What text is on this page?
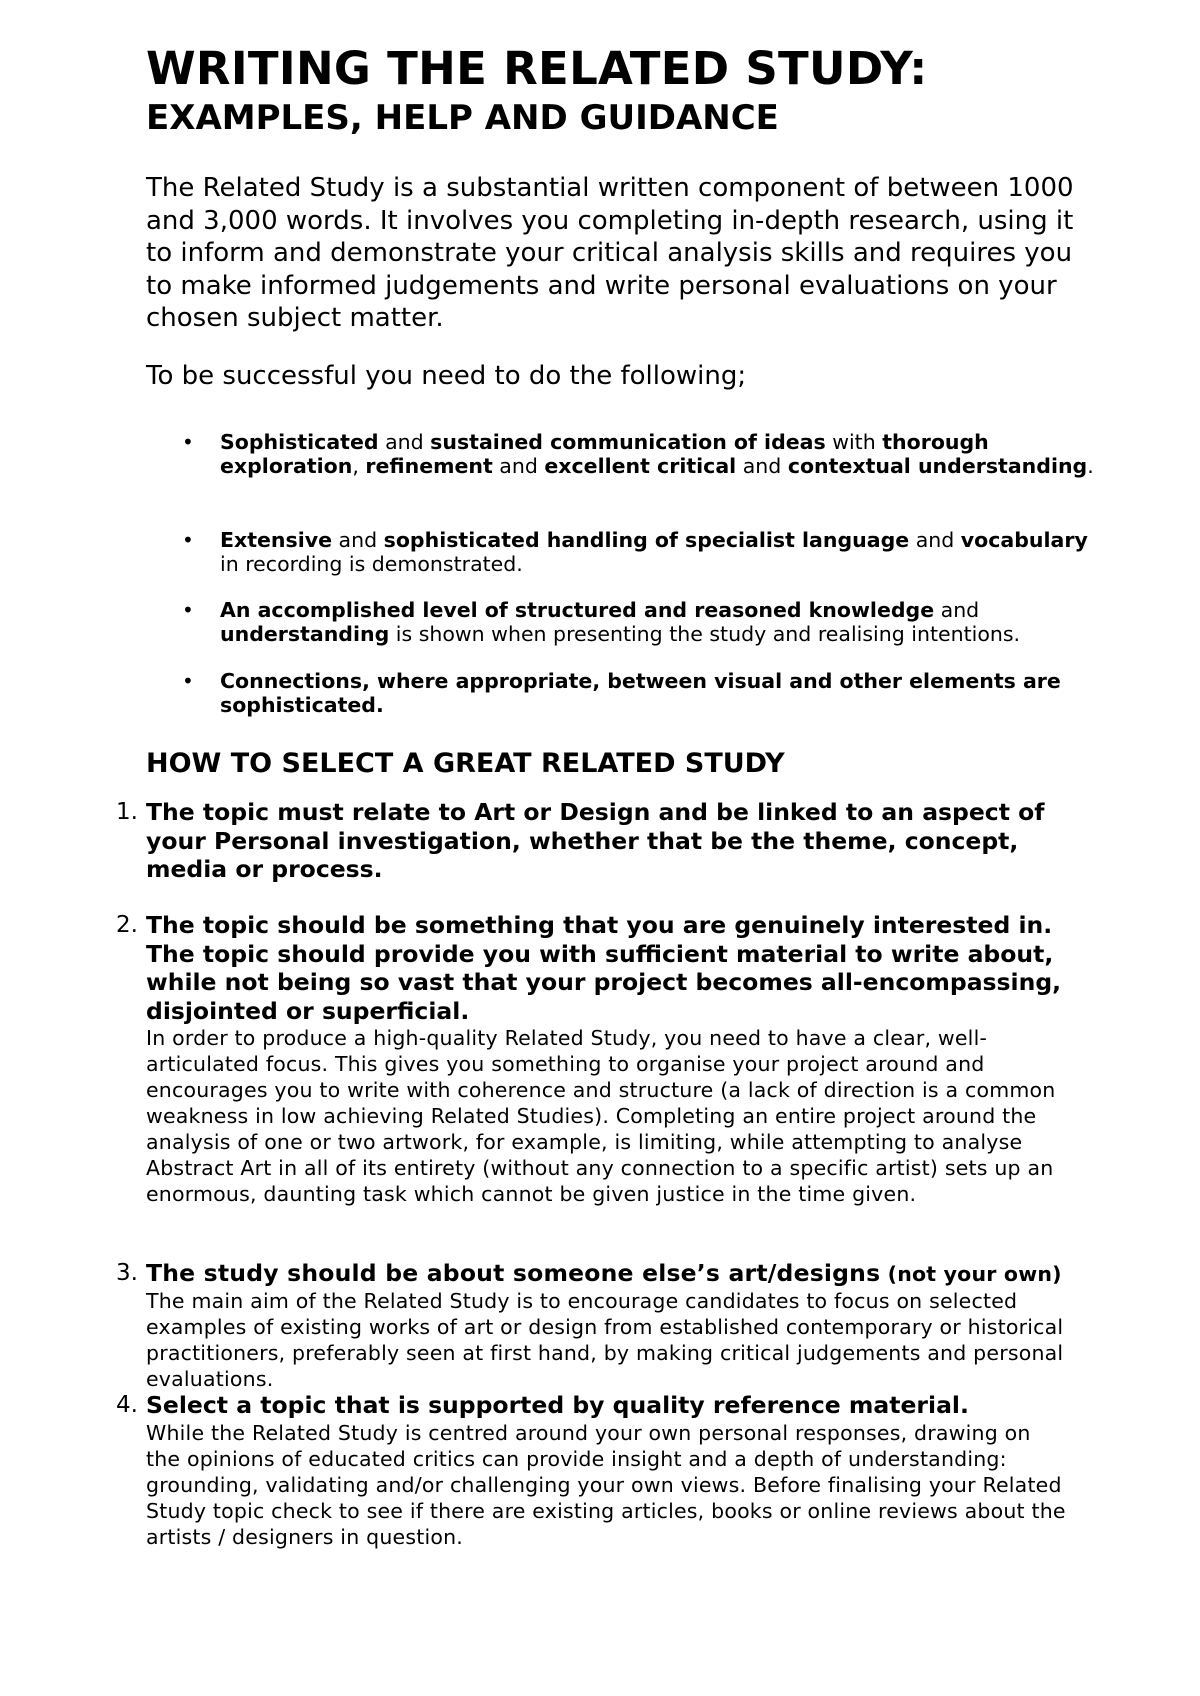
WRITING THE RELATED STUDY:
EXAMPLES, HELP AND GUIDANCE
The Related Study is a substantial written component of between 1000 and 3,000 words. It involves you completing in-depth research, using it to inform and demonstrate your critical analysis skills and requires you to make informed judgements and write personal evaluations on your chosen subject matter.
To be successful you need to do the following;
• Sophisticated and sustained communication of ideas with thorough exploration, refinement and excellent critical and contextual understanding.
• Extensive and sophisticated handling of specialist language and vocabulary in recording is demonstrated.
• An accomplished level of structured and reasoned knowledge and understanding is shown when presenting the study and realising intentions.
• Connections, where appropriate, between visual and other elements are sophisticated.
HOW TO SELECT A GREAT RELATED STUDY
1. The topic must relate to Art or Design and be linked to an aspect of your Personal investigation, whether that be the theme, concept, media or process.
2. The topic should be something that you are genuinely interested in. The topic should provide you with sufficient material to write about, while not being so vast that your project becomes all-encompassing, disjointed or superficial.
In order to produce a high-quality Related Study, you need to have a clear, well-articulated focus. This gives you something to organise your project around and encourages you to write with coherence and structure (a lack of direction is a common weakness in low achieving Related Studies). Completing an entire project around the analysis of one or two artwork, for example, is limiting, while attempting to analyse Abstract Art in all of its entirety (without any connection to a specific artist) sets up an enormous, daunting task which cannot be given justice in the time given.
3. The study should be about someone else’s art/designs (not your own) The main aim of the Related Study is to encourage candidates to focus on selected examples of existing works of art or design from established contemporary or historical practitioners, preferably seen at first hand, by making critical judgements and personal evaluations.
4. Select a topic that is supported by quality reference material.
While the Related Study is centred around your own personal responses, drawing on the opinions of educated critics can provide insight and a depth of understanding: grounding, validating and/or challenging your own views. Before finalising your Related Study topic check to see if there are existing articles, books or online reviews about the artists / designers in question.
